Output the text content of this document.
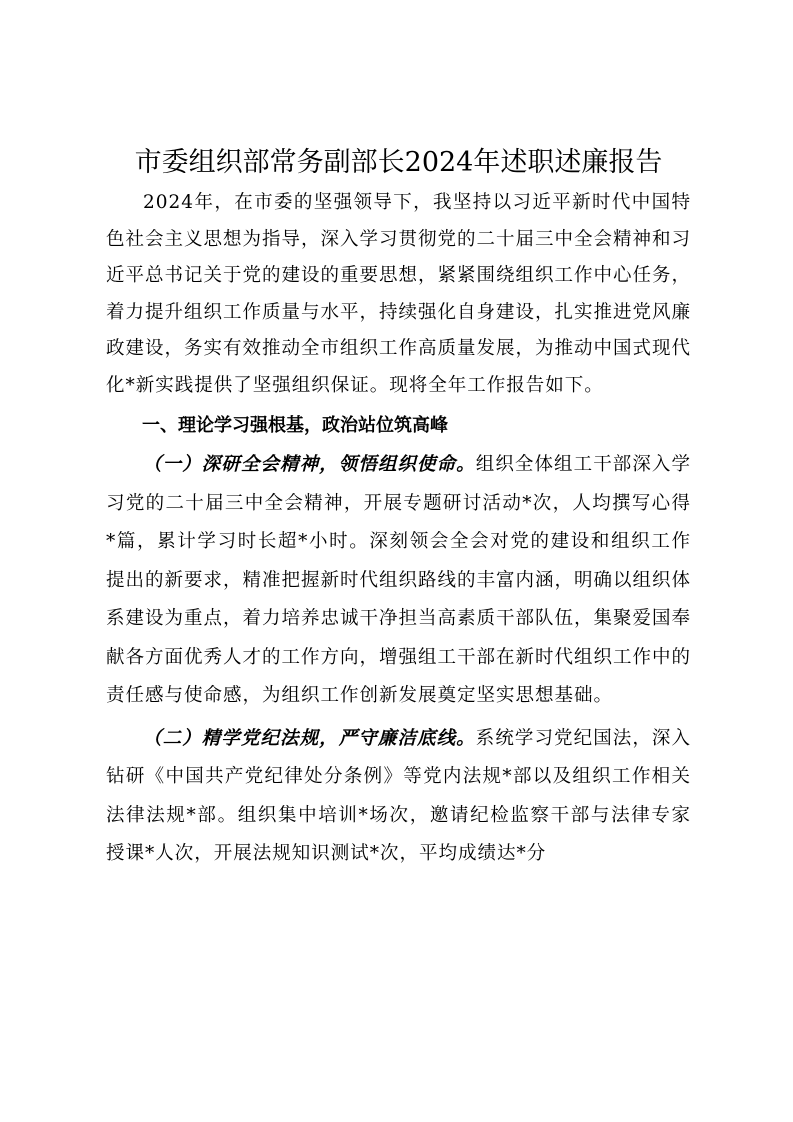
市委组织部常务副部长2024年述职述廉报告

2024年，在市委的坚强领导下，我坚持以习近平新时代中国特色社会主义思想为指导，深入学习贯彻党的二十届三中全会精神和习近平总书记关于党的建设的重要思想，紧紧围绕组织工作中心任务，着力提升组织工作质量与水平，持续强化自身建设，扎实推进党风廉政建设，务实有效推动全市组织工作高质量发展，为推动中国式现代化*新实践提供了坚强组织保证。现将全年工作报告如下。

一、理论学习强根基，政治站位筑高峰

（一）深研全会精神，领悟组织使命。组织全体组工干部深入学习党的二十届三中全会精神，开展专题研讨活动*次，人均撰写心得*篇，累计学习时长超*小时。深刻领会全会对党的建设和组织工作提出的新要求，精准把握新时代组织路线的丰富内涵，明确以组织体系建设为重点，着力培养忠诚干净担当高素质干部队伍，集聚爱国奉献各方面优秀人才的工作方向，增强组工干部在新时代组织工作中的责任感与使命感，为组织工作创新发展奠定坚实思想基础。

（二）精学党纪法规，严守廉洁底线。系统学习党纪国法，深入钻研《中国共产党纪律处分条例》等党内法规*部以及组织工作相关法律法规*部。组织集中培训*场次，邀请纪检监察干部与法律专家授课*人次，开展法规知识测试*次，平均成绩达*分
